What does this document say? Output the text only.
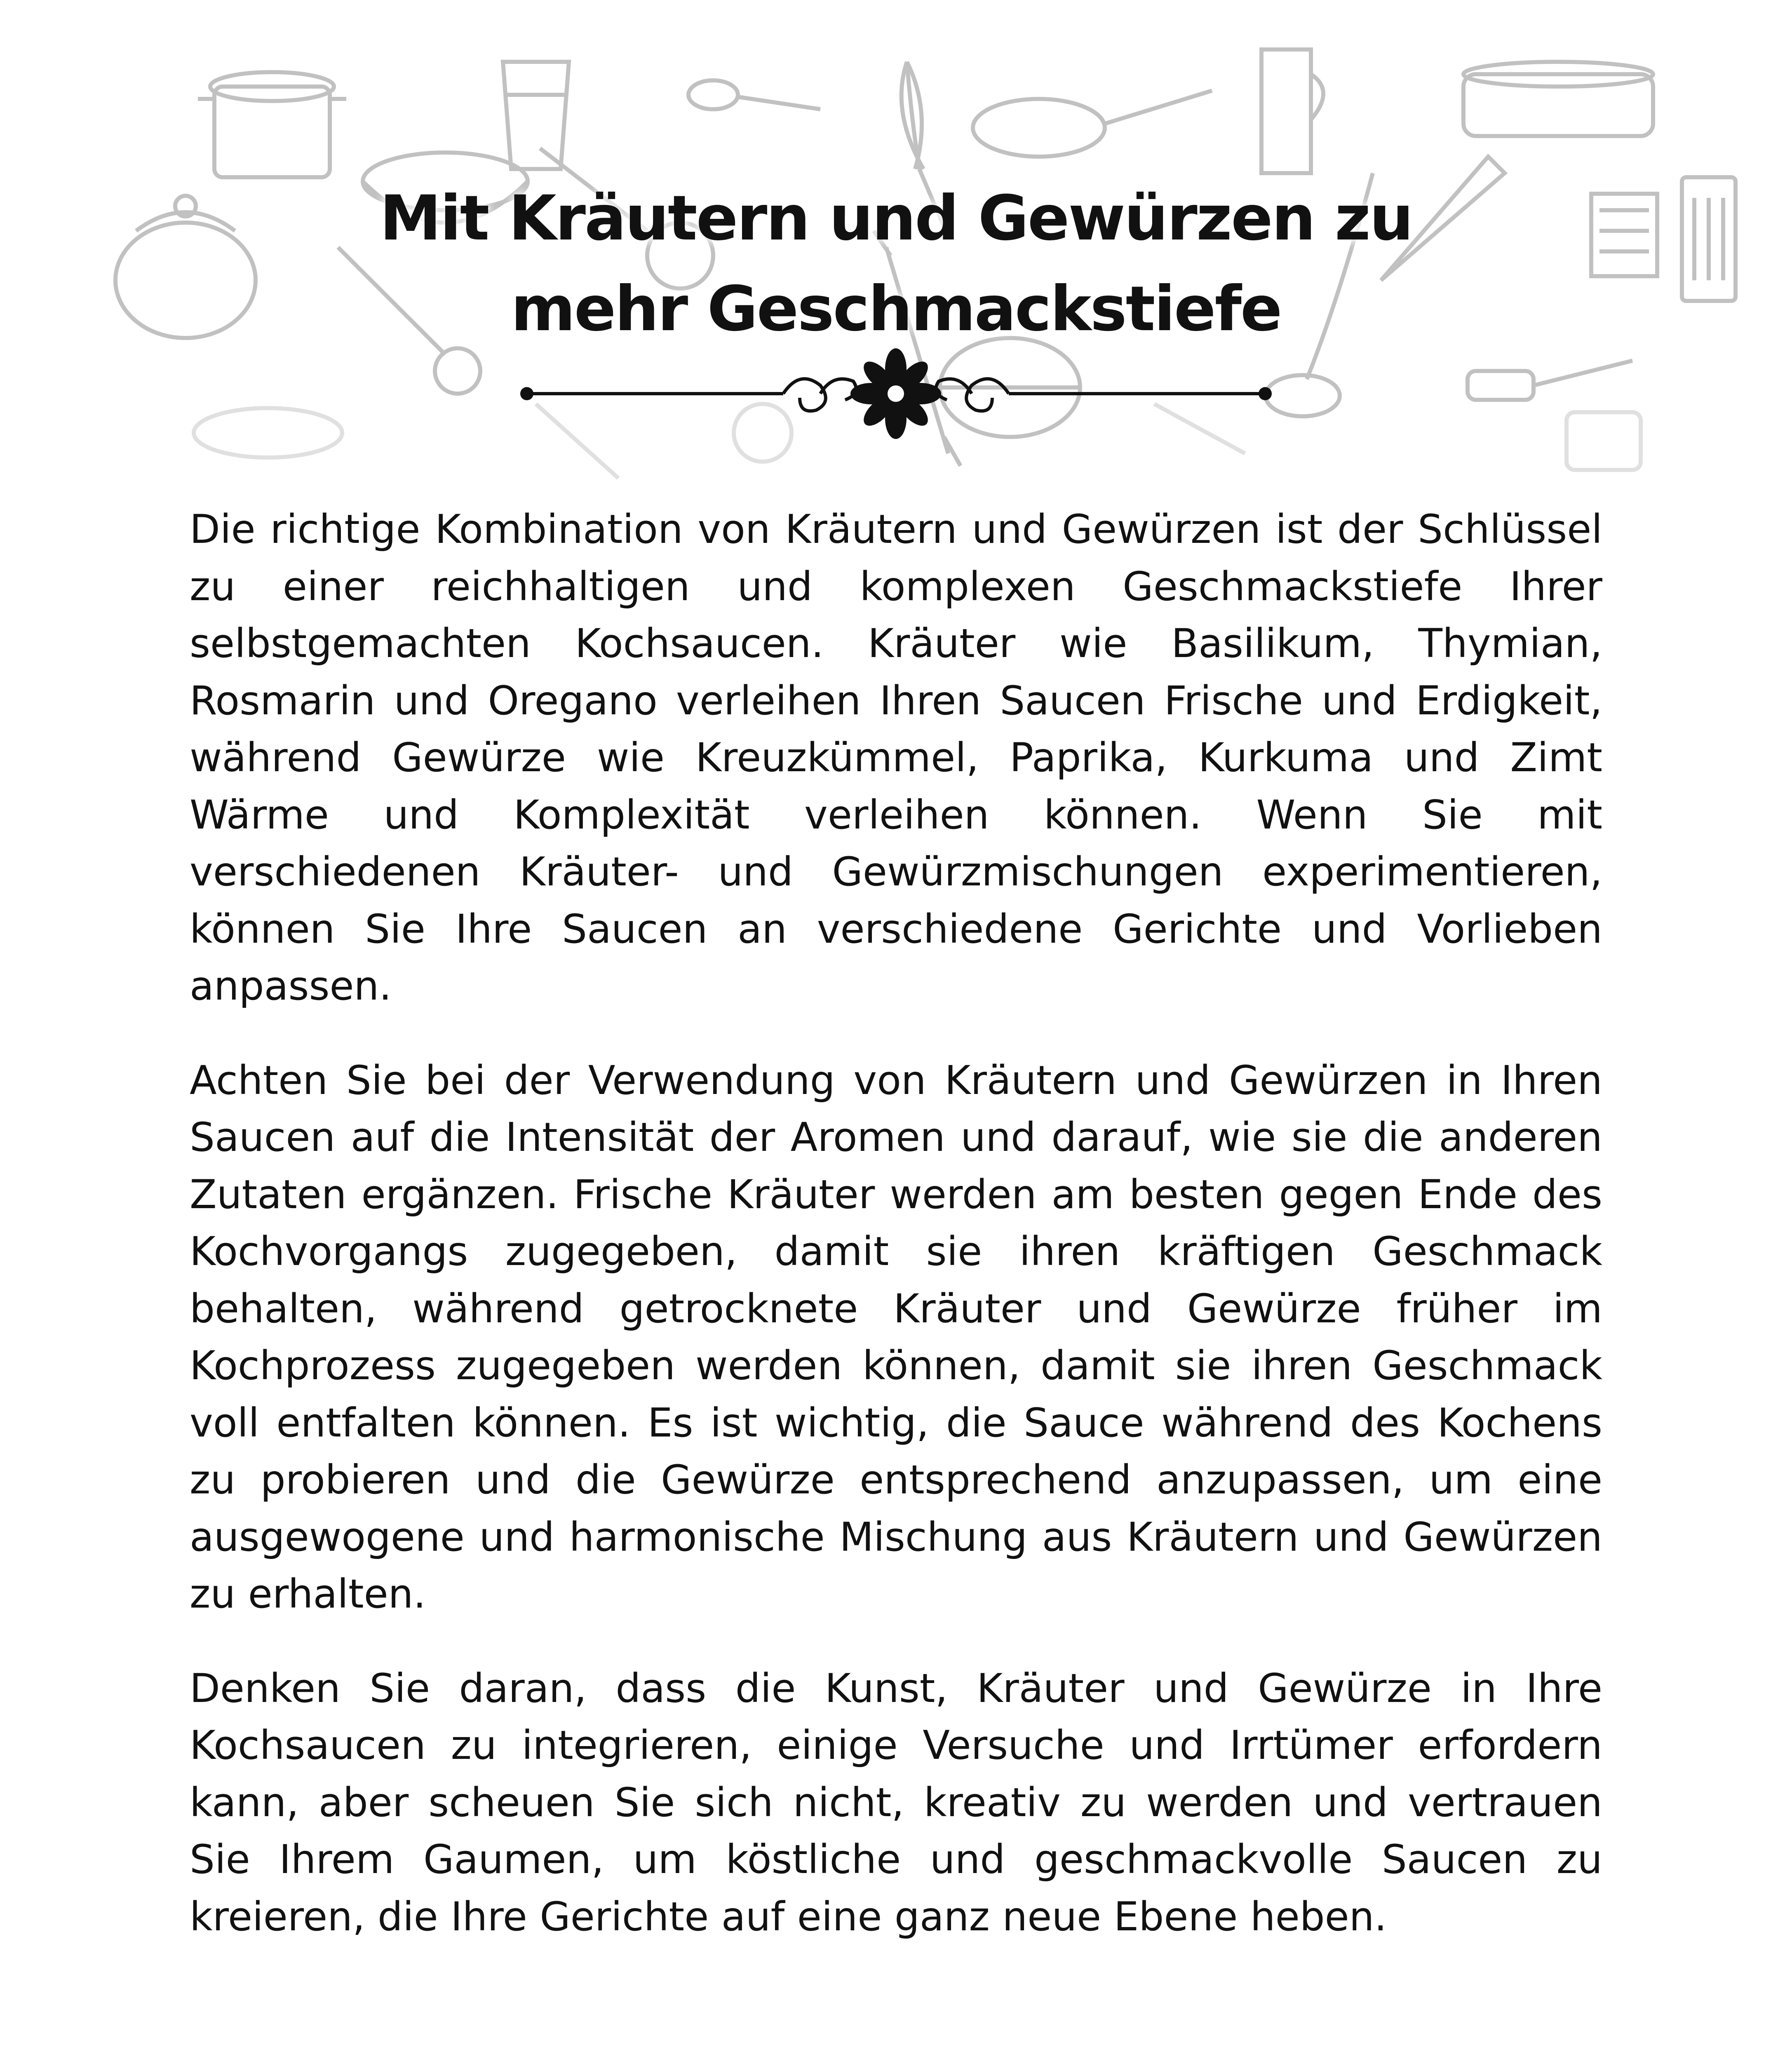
Mit Kräutern und Gewürzen zu
mehr Geschmackstiefe

Die richtige Kombination von Kräutern und Gewürzen ist der Schlüssel zu einer reichhaltigen und komplexen Geschmackstiefe Ihrer selbstgemachten Kochsaucen. Kräuter wie Basilikum, Thymian, Rosmarin und Oregano verleihen Ihren Saucen Frische und Erdigkeit, während Gewürze wie Kreuzkümmel, Paprika, Kurkuma und Zimt Wärme und Komplexität verleihen können. Wenn Sie mit verschiedenen Kräuter- und Gewürzmischungen experimentieren, können Sie Ihre Saucen an verschiedene Gerichte und Vorlieben anpassen.

Achten Sie bei der Verwendung von Kräutern und Gewürzen in Ihren Saucen auf die Intensität der Aromen und darauf, wie sie die anderen Zutaten ergänzen. Frische Kräuter werden am besten gegen Ende des Kochvorgangs zugegeben, damit sie ihren kräftigen Geschmack behalten, während getrocknete Kräuter und Gewürze früher im Kochprozess zugegeben werden können, damit sie ihren Geschmack voll entfalten können. Es ist wichtig, die Sauce während des Kochens zu probieren und die Gewürze entsprechend anzupassen, um eine ausgewogene und harmonische Mischung aus Kräutern und Gewürzen zu erhalten.

Denken Sie daran, dass die Kunst, Kräuter und Gewürze in Ihre Kochsaucen zu integrieren, einige Versuche und Irrtümer erfordern kann, aber scheuen Sie sich nicht, kreativ zu werden und vertrauen Sie Ihrem Gaumen, um köstliche und geschmackvolle Saucen zu kreieren, die Ihre Gerichte auf eine ganz neue Ebene heben.
